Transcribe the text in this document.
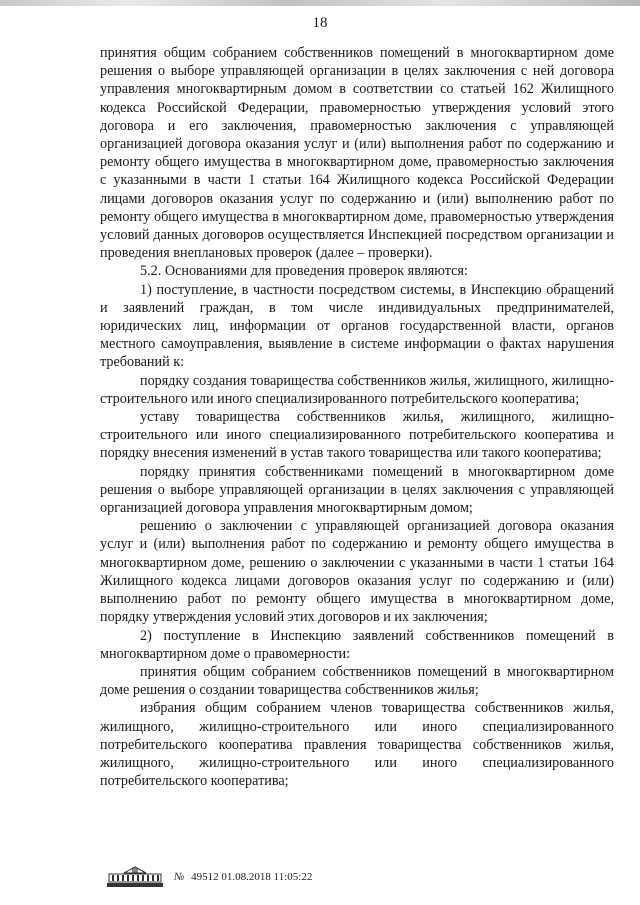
18

принятия общим собранием собственников помещений в многоквартирном доме решения о выборе управляющей организации в целях заключения с ней договора управления многоквартирным домом в соответствии со статьей 162 Жилищного кодекса Российской Федерации, правомерностью утверждения условий этого договора и его заключения, правомерностью заключения с управляющей организацией договора оказания услуг и (или) выполнения работ по содержанию и ремонту общего имущества в многоквартирном доме, правомерностью заключения с указанными в части 1 статьи 164 Жилищного кодекса Российской Федерации лицами договоров оказания услуг по содержанию и (или) выполнению работ по ремонту общего имущества в многоквартирном доме, правомерностью утверждения условий данных договоров осуществляется Инспекцией посредством организации и проведения внеплановых проверок (далее – проверки).

5.2. Основаниями для проведения проверок являются:

1) поступление, в частности посредством системы, в Инспекцию обращений и заявлений граждан, в том числе индивидуальных предпринимателей, юридических лиц, информации от органов государственной власти, органов местного самоуправления, выявление в системе информации о фактах нарушения требований к:

порядку создания товарищества собственников жилья, жилищного, жилищно-строительного или иного специализированного потребительского кооператива;

уставу товарищества собственников жилья, жилищного, жилищно-строительного или иного специализированного потребительского кооператива и порядку внесения изменений в устав такого товарищества или такого кооператива;

порядку принятия собственниками помещений в многоквартирном доме решения о выборе управляющей организации в целях заключения с управляющей организацией договора управления многоквартирным домом;

решению о заключении с управляющей организацией договора оказания услуг и (или) выполнения работ по содержанию и ремонту общего имущества в многоквартирном доме, решению о заключении с указанными в части 1 статьи 164 Жилищного кодекса лицами договоров оказания услуг по содержанию и (или) выполнению работ по ремонту общего имущества в многоквартирном доме, порядку утверждения условий этих договоров и их заключения;

2) поступление в Инспекцию заявлений собственников помещений в многоквартирном доме о правомерности:

принятия общим собранием собственников помещений в многоквартирном доме решения о создании товарищества собственников жилья;

избрания общим собранием членов товарищества собственников жилья, жилищного, жилищно-строительного или иного специализированного потребительского кооператива правления товарищества собственников жилья, жилищного, жилищно-строительного или иного специализированного потребительского кооператива;

№ 49512 01.08.2018 11:05:22
